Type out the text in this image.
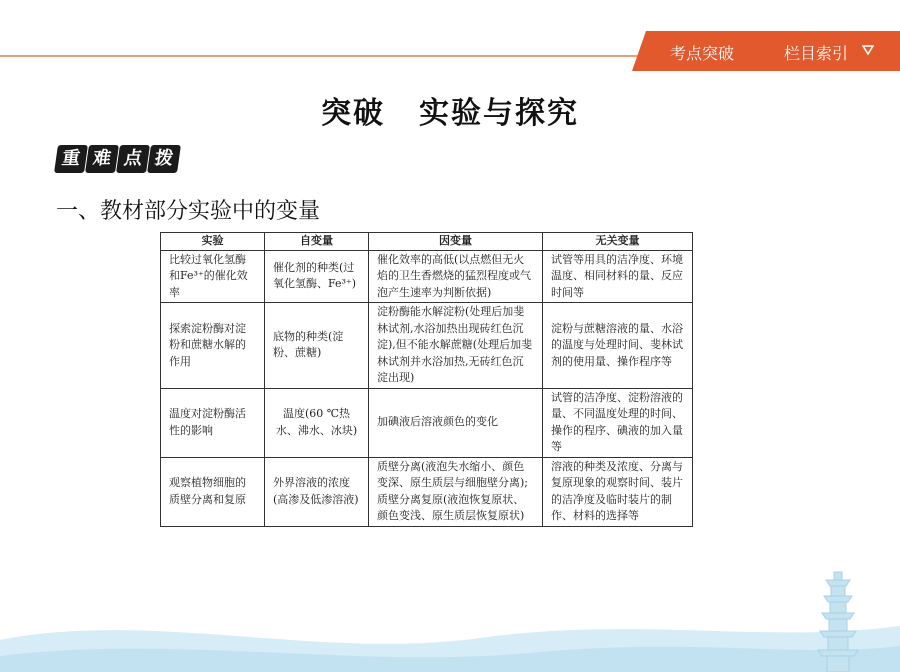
考点突破	栏目索引
突破 实验与探究
重 难 点 拨
一、教材部分实验中的变量
实验	自变量	因变量	无关变量
比较过氧化氢酶和Fe³⁺的催化效率	催化剂的种类(过氧化氢酶、Fe³⁺)	催化效率的高低(以点燃但无火焰的卫生香燃烧的猛烈程度或气泡产生速率为判断依据)	试管等用具的洁净度、环境温度、相同材料的量、反应时间等
探索淀粉酶对淀粉和蔗糖水解的作用	底物的种类(淀粉、蔗糖)	淀粉酶能水解淀粉(处理后加斐林试剂,水浴加热出现砖红色沉淀),但不能水解蔗糖(处理后加斐林试剂并水浴加热,无砖红色沉淀出现)	淀粉与蔗糖溶液的量、水浴的温度与处理时间、斐林试剂的使用量、操作程序等
温度对淀粉酶活性的影响	温度(60 ℃热水、沸水、冰块)	加碘液后溶液颜色的变化	试管的洁净度、淀粉溶液的量、不同温度处理的时间、操作的程序、碘液的加入量等
观察植物细胞的质壁分离和复原	外界溶液的浓度(高渗及低渗溶液)	质壁分离(液泡失水缩小、颜色变深、原生质层与细胞壁分离);质壁分离复原(液泡恢复原状、颜色变浅、原生质层恢复原状)	溶液的种类及浓度、分离与复原现象的观察时间、装片的洁净度及临时装片的制作、材料的选择等
